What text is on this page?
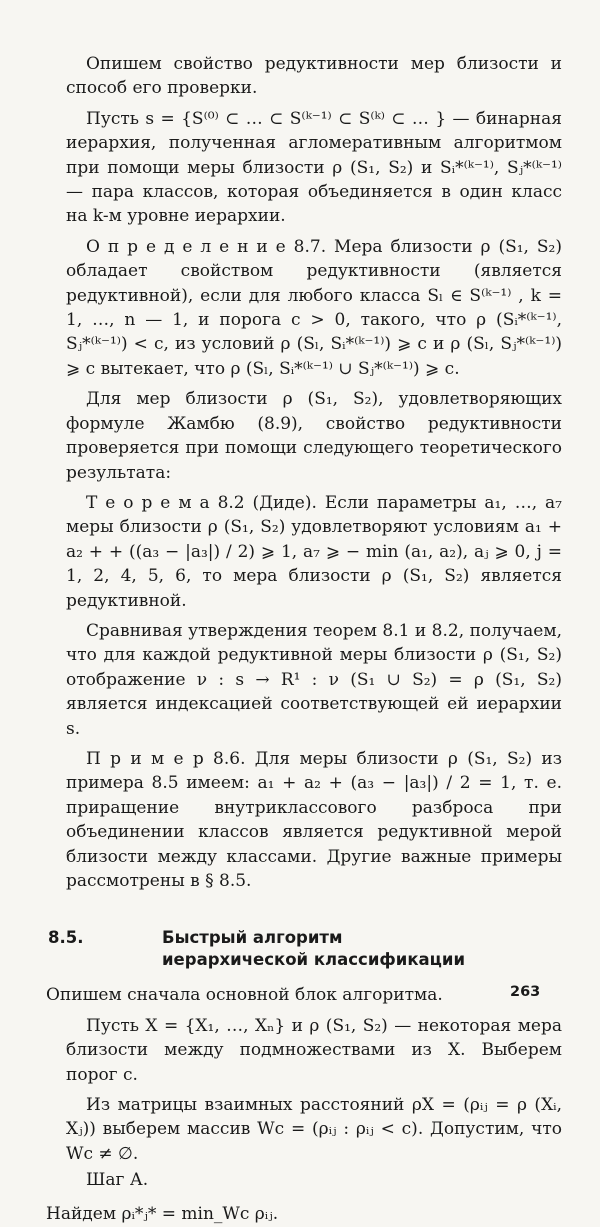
Опишем свойство редуктивности мер близости и способ его проверки.

Пусть s = {S⁽⁰⁾ ⊂ … ⊂ S⁽ᵏ⁻¹⁾ ⊂ S⁽ᵏ⁾ ⊂ … } — бинарная иерархия, полученная агломеративным алгоритмом при помощи меры близости ρ (S₁, S₂) и Sᵢ*⁽ᵏ⁻¹⁾, Sⱼ*⁽ᵏ⁻¹⁾ — пара классов, которая объединяется в один класс на k-м уровне иерархии.

О п р е д е л е н и е 8.7. Мера близости ρ (S₁, S₂) обладает свойством редуктивности (является редуктивной), если для любого класса Sₗ ∈ S⁽ᵏ⁻¹⁾ , k = 1, …, n — 1, и порога c > 0, такого, что ρ (Sᵢ*⁽ᵏ⁻¹⁾, Sⱼ*⁽ᵏ⁻¹⁾) < c, из условий ρ (Sₗ, Sᵢ*⁽ᵏ⁻¹⁾) ⩾ c и ρ (Sₗ, Sⱼ*⁽ᵏ⁻¹⁾) ⩾ c вытекает, что ρ (Sₗ, Sᵢ*⁽ᵏ⁻¹⁾ ∪ Sⱼ*⁽ᵏ⁻¹⁾) ⩾ c.

Для мер близости ρ (S₁, S₂), удовлетворяющих формуле Жамбю (8.9), свойство редуктивности проверяется при помощи следующего теоретического результата:

Т е о р е м а 8.2 (Диде). Если параметры a₁, …, a₇ меры близости ρ (S₁, S₂) удовлетворяют условиям a₁ + a₂ + + ((a₃ − |a₃|) / 2) ⩾ 1, a₇ ⩾ − min (a₁, a₂), aⱼ ⩾ 0, j = 1, 2, 4, 5, 6, то мера близости ρ (S₁, S₂) является редуктивной.

Сравнивая утверждения теорем 8.1 и 8.2, получаем, что для каждой редуктивной меры близости ρ (S₁, S₂) отображение ν : s → R¹ : ν (S₁ ∪ S₂) = ρ (S₁, S₂) является индексацией соответствующей ей иерархии s.

П р и м е р 8.6. Для меры близости ρ (S₁, S₂) из примера 8.5 имеем: a₁ + a₂ + (a₃ − |a₃|) / 2 = 1, т. е. приращение внутриклассового разброса при объединении классов является редуктивной мерой близости между классами. Другие важные примеры рассмотрены в § 8.5.

8.5.	Быстрый алгоритм иерархической классификации

Опишем сначала основной блок алгоритма.

Пусть X = {X₁, …, Xₙ} и ρ (S₁, S₂) — некоторая мера близости между подмножествами из X. Выберем порог c.

Из матрицы взаимных расстояний ρX = (ρᵢⱼ = ρ (Xᵢ, Xⱼ)) выберем массив Wc = (ρᵢⱼ : ρᵢⱼ < c). Допустим, что Wc ≠ ∅.

Шаг А.

Найдем ρᵢ*ⱼ* = min_Wc ρᵢⱼ.

263
